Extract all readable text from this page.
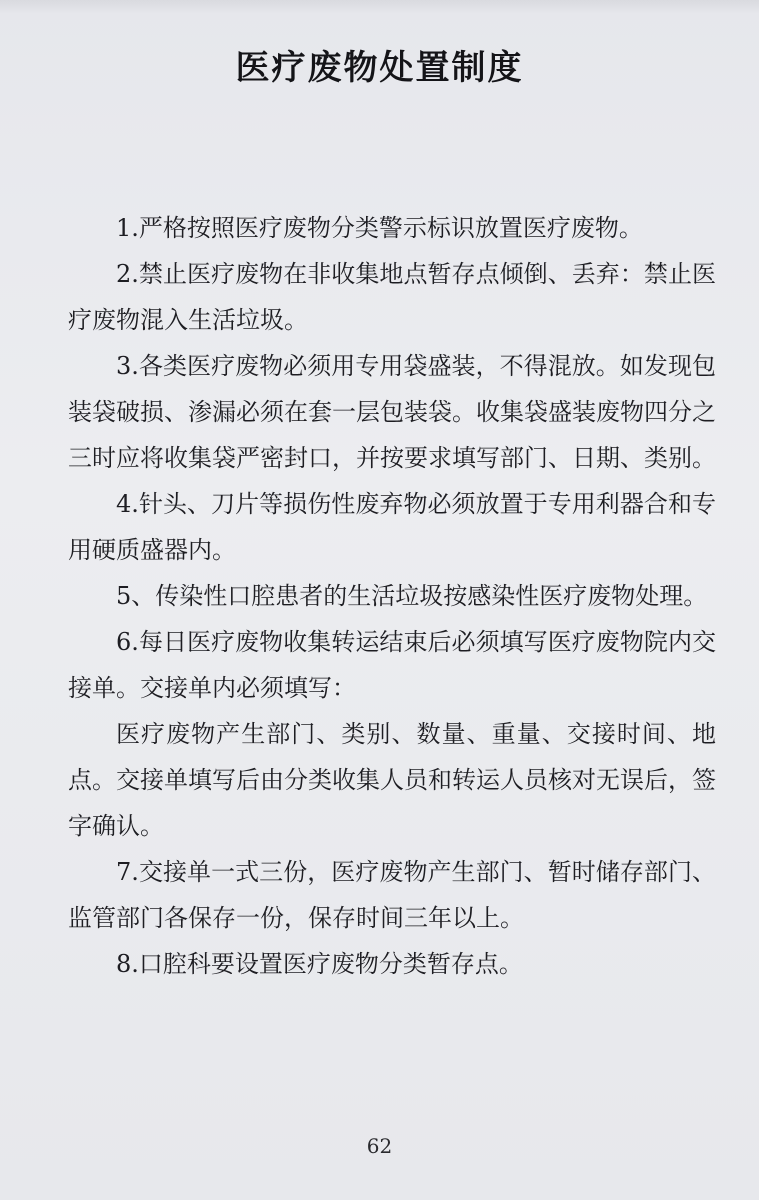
医疗废物处置制度

1.严格按照医疗废物分类警示标识放置医疗废物。

2.禁止医疗废物在非收集地点暂存点倾倒、丢弃：禁止医疗废物混入生活垃圾。

3.各类医疗废物必须用专用袋盛装，不得混放。如发现包装袋破损、渗漏必须在套一层包装袋。收集袋盛装废物四分之三时应将收集袋严密封口，并按要求填写部门、日期、类别。

4.针头、刀片等损伤性废弃物必须放置于专用利器合和专用硬质盛器内。

5、传染性口腔患者的生活垃圾按感染性医疗废物处理。

6.每日医疗废物收集转运结束后必须填写医疗废物院内交接单。交接单内必须填写：

医疗废物产生部门、类别、数量、重量、交接时间、地点。交接单填写后由分类收集人员和转运人员核对无误后，签字确认。

7.交接单一式三份，医疗废物产生部门、暂时储存部门、监管部门各保存一份，保存时间三年以上。

8.口腔科要设置医疗废物分类暂存点。

62
